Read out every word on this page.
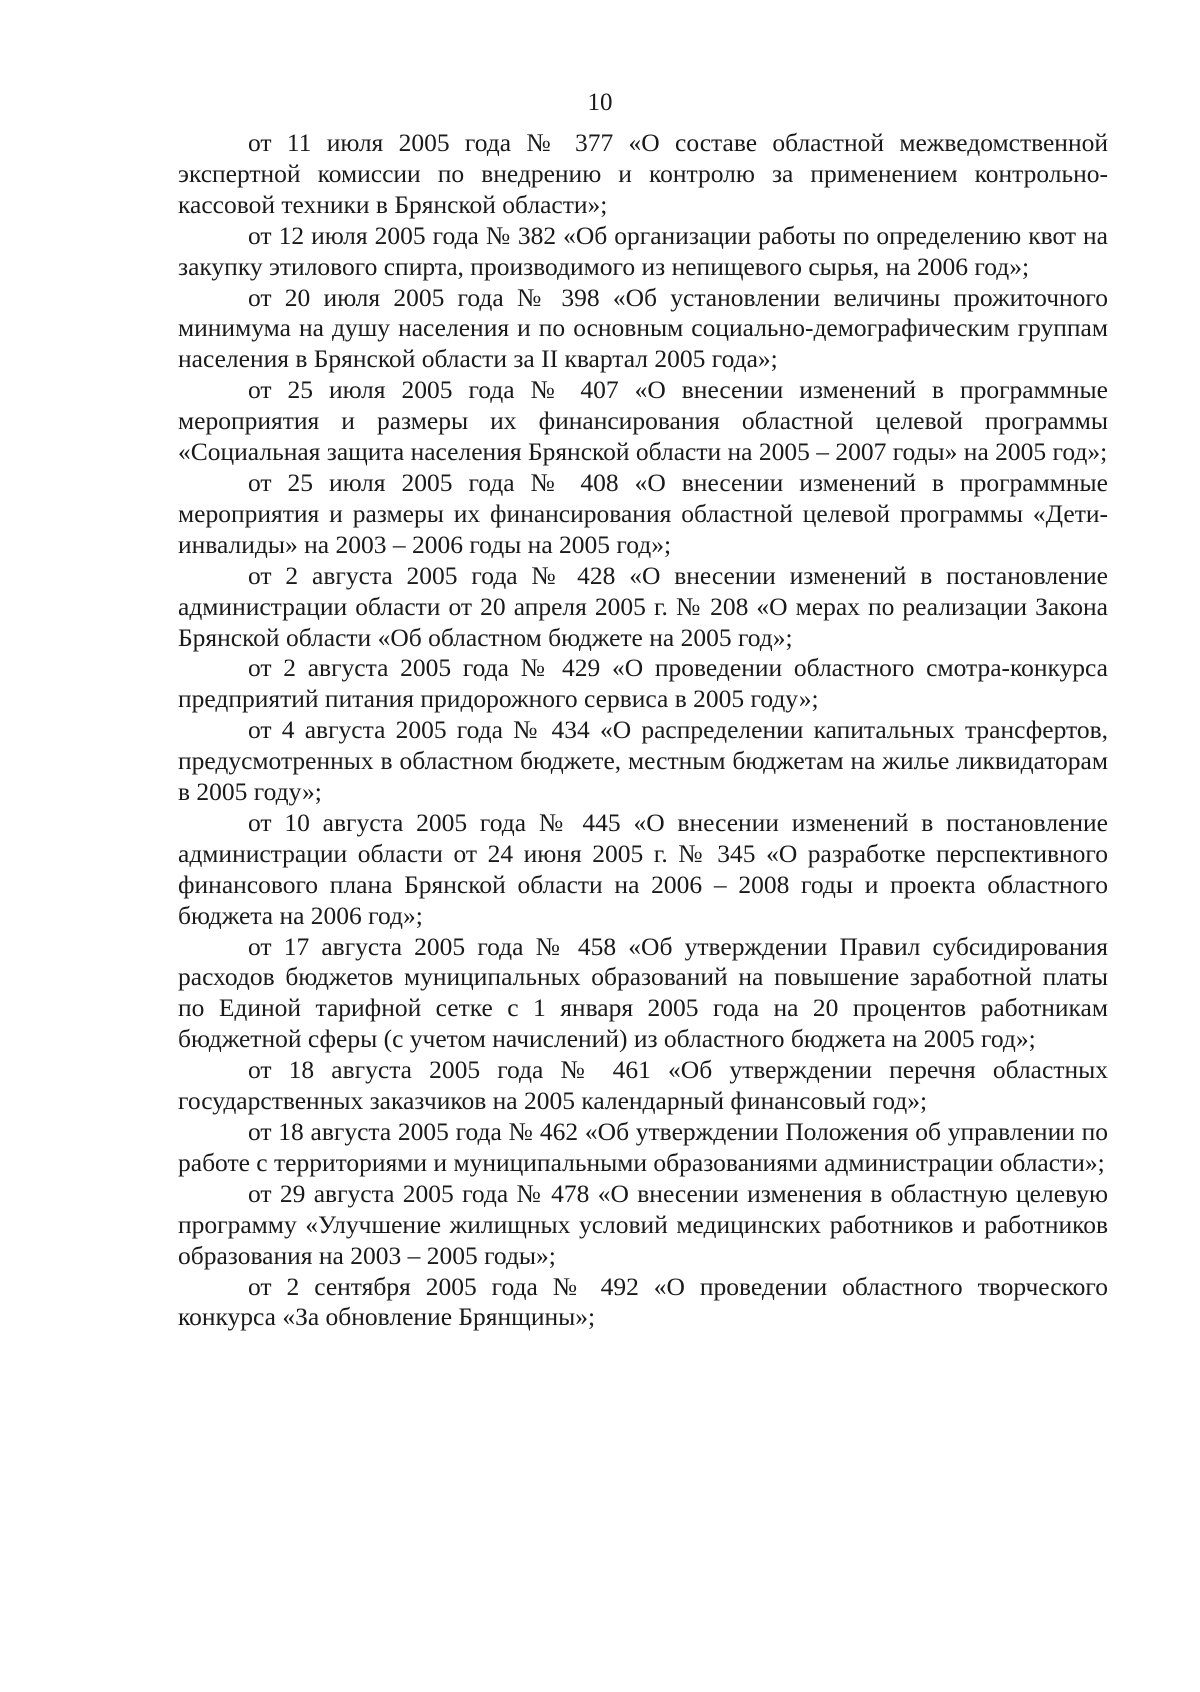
10

от 11 июля 2005 года № 377 «О составе областной межведомственной экспертной комиссии по внедрению и контролю за применением контрольно-кассовой техники в Брянской области»;

от 12 июля 2005 года № 382 «Об организации работы по определению квот на закупку этилового спирта, производимого из непищевого сырья, на 2006 год»;

от 20 июля 2005 года № 398 «Об установлении величины прожиточного минимума на душу населения и по основным социально-демографическим группам населения в Брянской области за II квартал 2005 года»;

от 25 июля 2005 года № 407 «О внесении изменений в программные мероприятия и размеры их финансирования областной целевой программы «Социальная защита населения Брянской области на 2005 – 2007 годы» на 2005 год»;

от 25 июля 2005 года № 408 «О внесении изменений в программные мероприятия и размеры их финансирования областной целевой программы «Дети-инвалиды» на 2003 – 2006 годы на 2005 год»;

от 2 августа 2005 года № 428 «О внесении изменений в постановление администрации области от 20 апреля 2005 г. № 208 «О мерах по реализации Закона Брянской области «Об областном бюджете на 2005 год»;

от 2 августа 2005 года № 429 «О проведении областного смотра-конкурса предприятий питания придорожного сервиса в 2005 году»;

от 4 августа 2005 года № 434 «О распределении капитальных трансфертов, предусмотренных в областном бюджете, местным бюджетам на жилье ликвидаторам в 2005 году»;

от 10 августа 2005 года № 445 «О внесении изменений в постановление администрации области от 24 июня 2005 г. № 345 «О разработке перспективного финансового плана Брянской области на 2006 – 2008 годы и проекта областного бюджета на 2006 год»;

от 17 августа 2005 года № 458 «Об утверждении Правил субсидирования расходов бюджетов муниципальных образований на повышение заработной платы по Единой тарифной сетке с 1 января 2005 года на 20 процентов работникам бюджетной сферы (с учетом начислений) из областного бюджета на 2005 год»;

от 18 августа 2005 года № 461 «Об утверждении перечня областных государственных заказчиков на 2005 календарный финансовый год»;

от 18 августа 2005 года № 462 «Об утверждении Положения об управлении по работе с территориями и муниципальными образованиями администрации области»;

от 29 августа 2005 года № 478 «О внесении изменения в областную целевую программу «Улучшение жилищных условий медицинских работников и работников образования на 2003 – 2005 годы»;

от 2 сентября 2005 года № 492 «О проведении областного творческого конкурса «За обновление Брянщины»;
